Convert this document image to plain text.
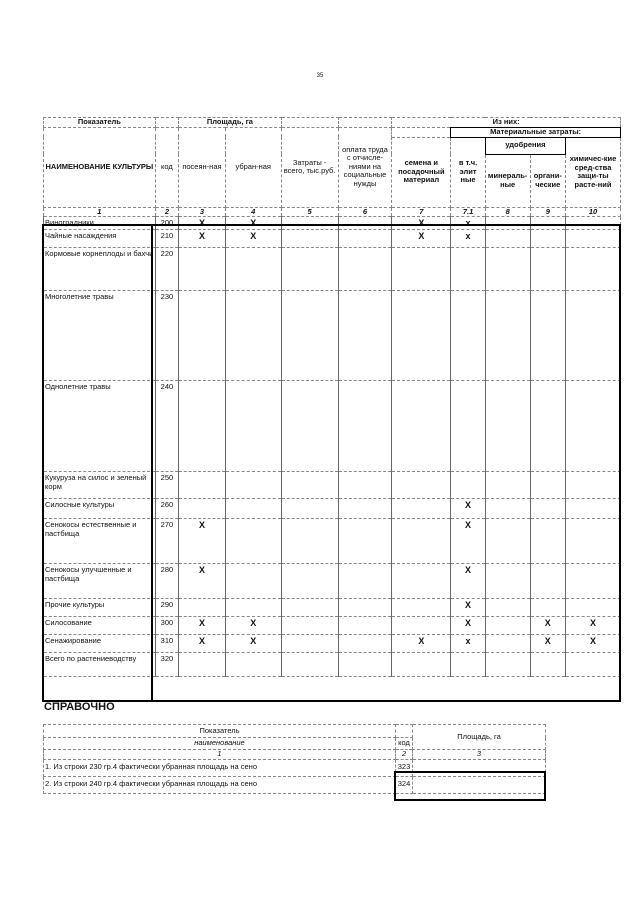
35
Показатель		Площадь, га				Из них:				
НАИМЕНОВАНИЕ КУЛЬТУРЫ	код	посеян-ная	убран-ная	Затраты - всего, тыс.руб.	оплата труда с отчисле-ниями на социальные нужды		Материальные затраты:			
						семена и посадочный материал	в т.ч. элит ные	удобрения		химичес-кие сред-ства защи-ты расте-ний
								минераль-ные	органи-ческие	
1	2	3	4	5	6	7	7.1	8	9	10
Виноградники	200	X	X			X	x			
Чайные насаждения	210	X	X			X	x			
Кормовые корнеплоды и бахчи	220									
Многолетние травы	230									
Однолетние травы	240									
Кукуруза на силос и зеленый корм	250									
Силосные культуры	260						X			
Сенокосы естественные и пастбища	270	X					X			
Сенокосы улучшенные и пастбища	280	X					X			
Прочие культуры	290						X			
Силосование	300	X	X				X		X	X
Сенажирование	310	X	X			X	x		X	X
Всего по растениеводству	320									
СПРАВОЧНО
Показатель		Площадь, га
наименование	код	
1	2	3
1. Из строки 230 гр.4 фактически убранная площадь на сено	323	
2. Из строки 240 гр.4 фактически убранная площадь на сено	324	
